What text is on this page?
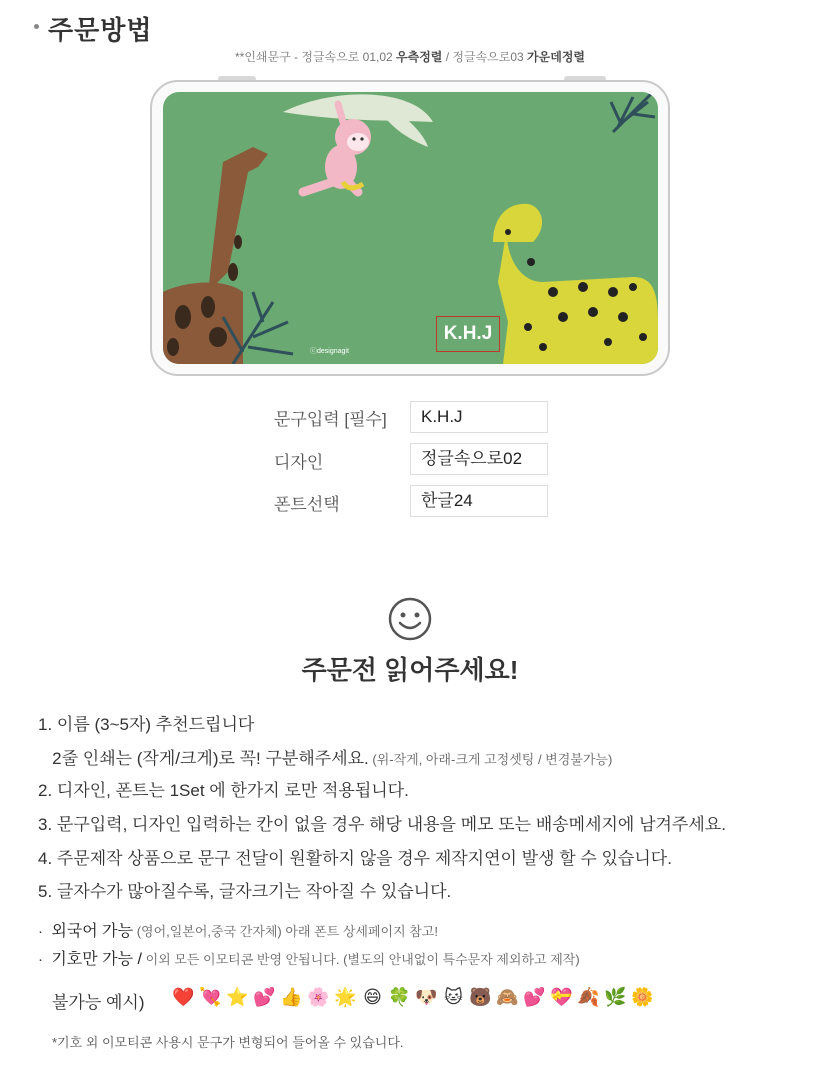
주문방법
**인쇄문구 - 정글속으로 01,02 우측정렬 / 정글속으로03 가운데정렬
K.H.J
ⓒdesignagit
문구입력 [필수]	K.H.J
디자인	정글속으로02
폰트선택	한글24
주문전 읽어주세요!
1. 이름 (3~5자) 추천드립니다
2줄 인쇄는 (작게/크게)로 꼭! 구분해주세요. (위-작게, 아래-크게 고정셋팅 / 변경불가능)
2. 디자인, 폰트는 1Set 에 한가지 로만 적용됩니다.
3. 문구입력, 디자인 입력하는 칸이 없을 경우 해당 내용을 메모 또는 배송메세지에 남겨주세요.
4. 주문제작 상품으로 문구 전달이 원활하지 않을 경우 제작지연이 발생 할 수 있습니다.
5. 글자수가 많아질수록, 글자크기는 작아질 수 있습니다.
·  외국어 가능 (영어,일본어,중국 간자체) 아래 폰트 상세페이지 참고!
·  기호만 가능 / 이외 모든 이모티콘 반영 안됩니다. (별도의 안내없이 특수문자 제외하고 제작)
불가능 예시) ❤️ 💘 ⭐ 💕 👍 🌸 🌟 😄 🍀 🐶 🐱 🐻 🙈 💕 💝 🍂 🌿 🌼
*기호 외 이모티콘 사용시 문구가 변형되어 들어올 수 있습니다.
